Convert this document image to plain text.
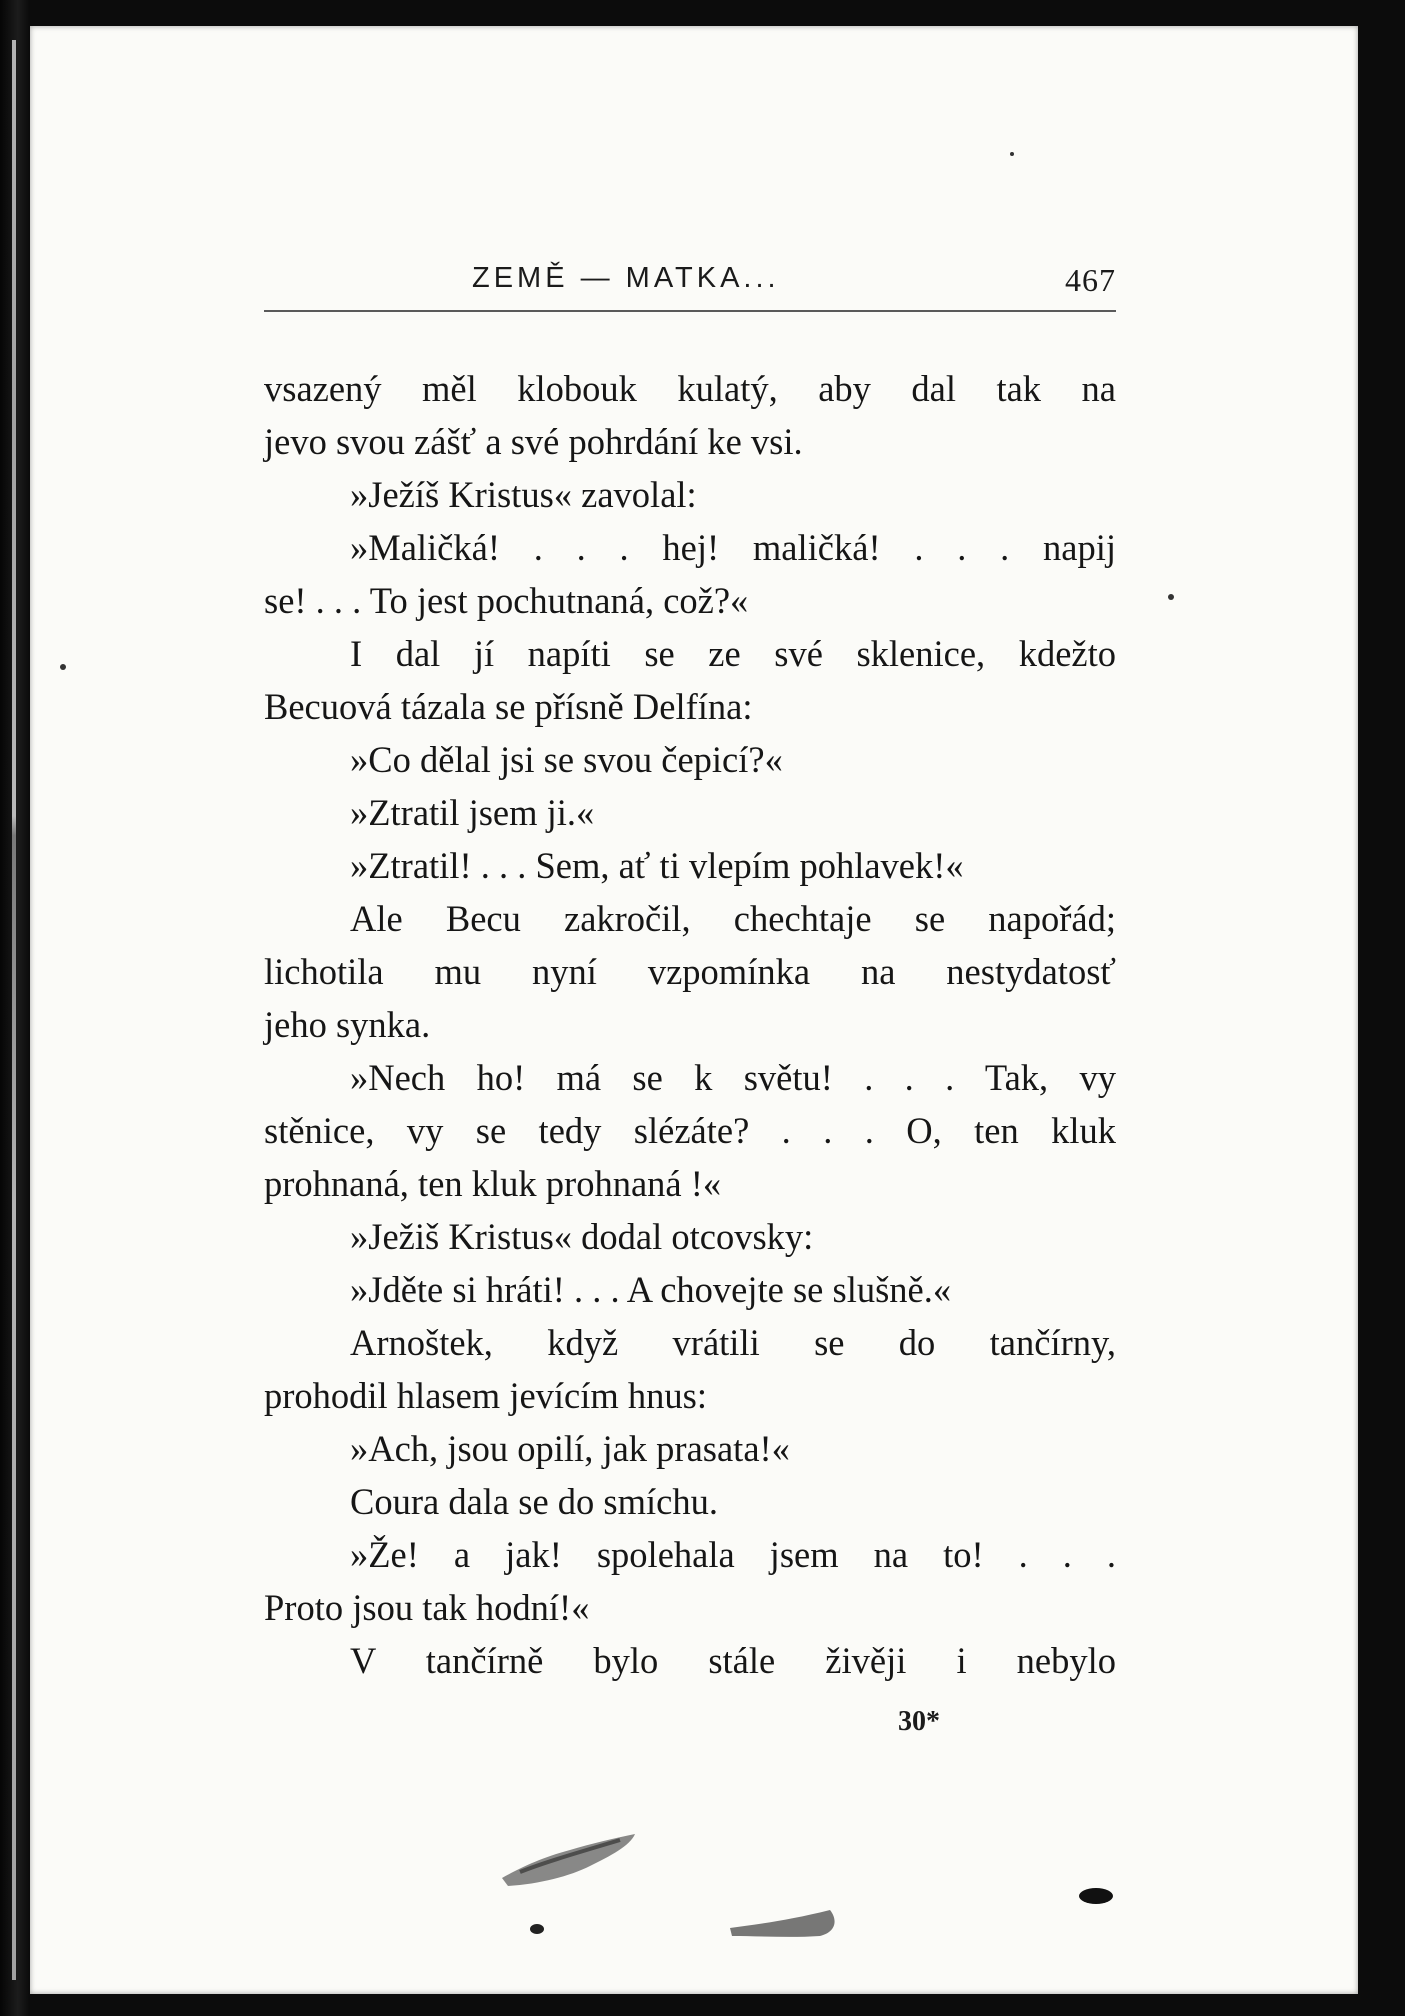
ZEMĚ — MATKA...	467
vsazený měl klobouk kulatý, aby dal tak na
jevo svou zášť a své pohrdání ke vsi.
»Ježíš Kristus« zavolal:
»Maličká! . . . hej! maličká! . . . napij
se! . . . To jest pochutnaná, což?«
I dal jí napíti se ze své sklenice, kdežto
Becuová tázala se přísně Delfína:
»Co dělal jsi se svou čepicí?«
»Ztratil jsem ji.«
»Ztratil! . . . Sem, ať ti vlepím pohlavek!«
Ale Becu zakročil, chechtaje se napořád;
lichotila mu nyní vzpomínka na nestydatosť
jeho synka.
»Nech ho! má se k světu! . . . Tak, vy
stěnice, vy se tedy slézáte? . . . O, ten kluk
prohnaná, ten kluk prohnaná !«
»Ježiš Kristus« dodal otcovsky:
»Jděte si hráti! . . . A chovejte se slušně.«
Arnoštek, když vrátili se do tančírny,
prohodil hlasem jevícím hnus:
»Ach, jsou opilí, jak prasata!«
Coura dala se do smíchu.
»Že! a jak! spolehala jsem na to! . . .
Proto jsou tak hodní!«
V tančírně bylo stále živěji i nebylo
30*
